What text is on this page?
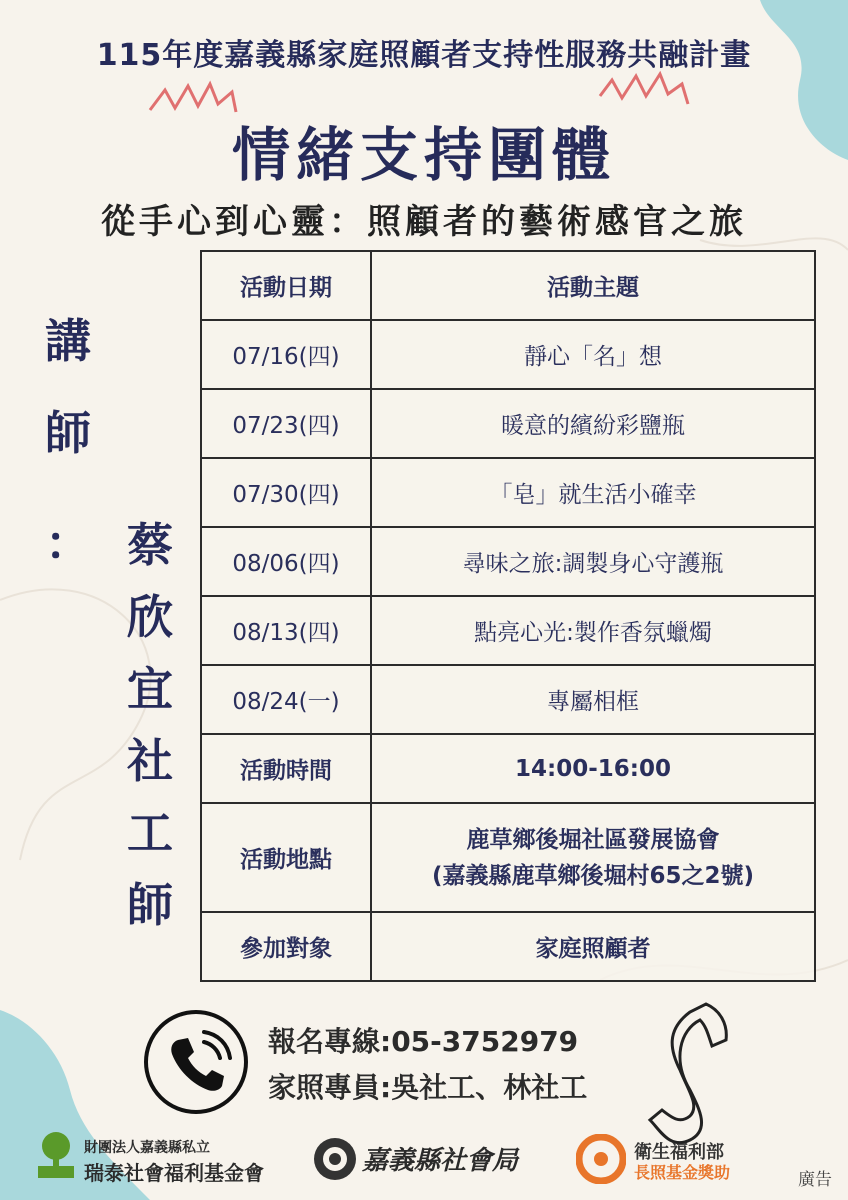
115年度嘉義縣家庭照顧者支持性服務共融計畫
情緒支持團體
從手心到心靈：照顧者的藝術感官之旅
講
師
： 蔡
欣
宜
社
工
師
活動日期	活動主題
07/16(四)	靜心「名」想
07/23(四)	暖意的繽紛彩鹽瓶
07/30(四)	「皂」就生活小確幸
08/06(四)	尋味之旅:調製身心守護瓶
08/13(四)	點亮心光:製作香氛蠟燭
08/24(一)	專屬相框
活動時間	14:00-16:00
活動地點	鹿草鄉後堀社區發展協會
(嘉義縣鹿草鄉後堀村65之2號)

參加對象	家庭照顧者
報名專線:05-3752979
家照專員:吳社工、林社工
財團法人嘉義縣私立
瑞泰社會福利基金會	嘉義縣社會局	衛生福利部
長照基金獎助	廣告
